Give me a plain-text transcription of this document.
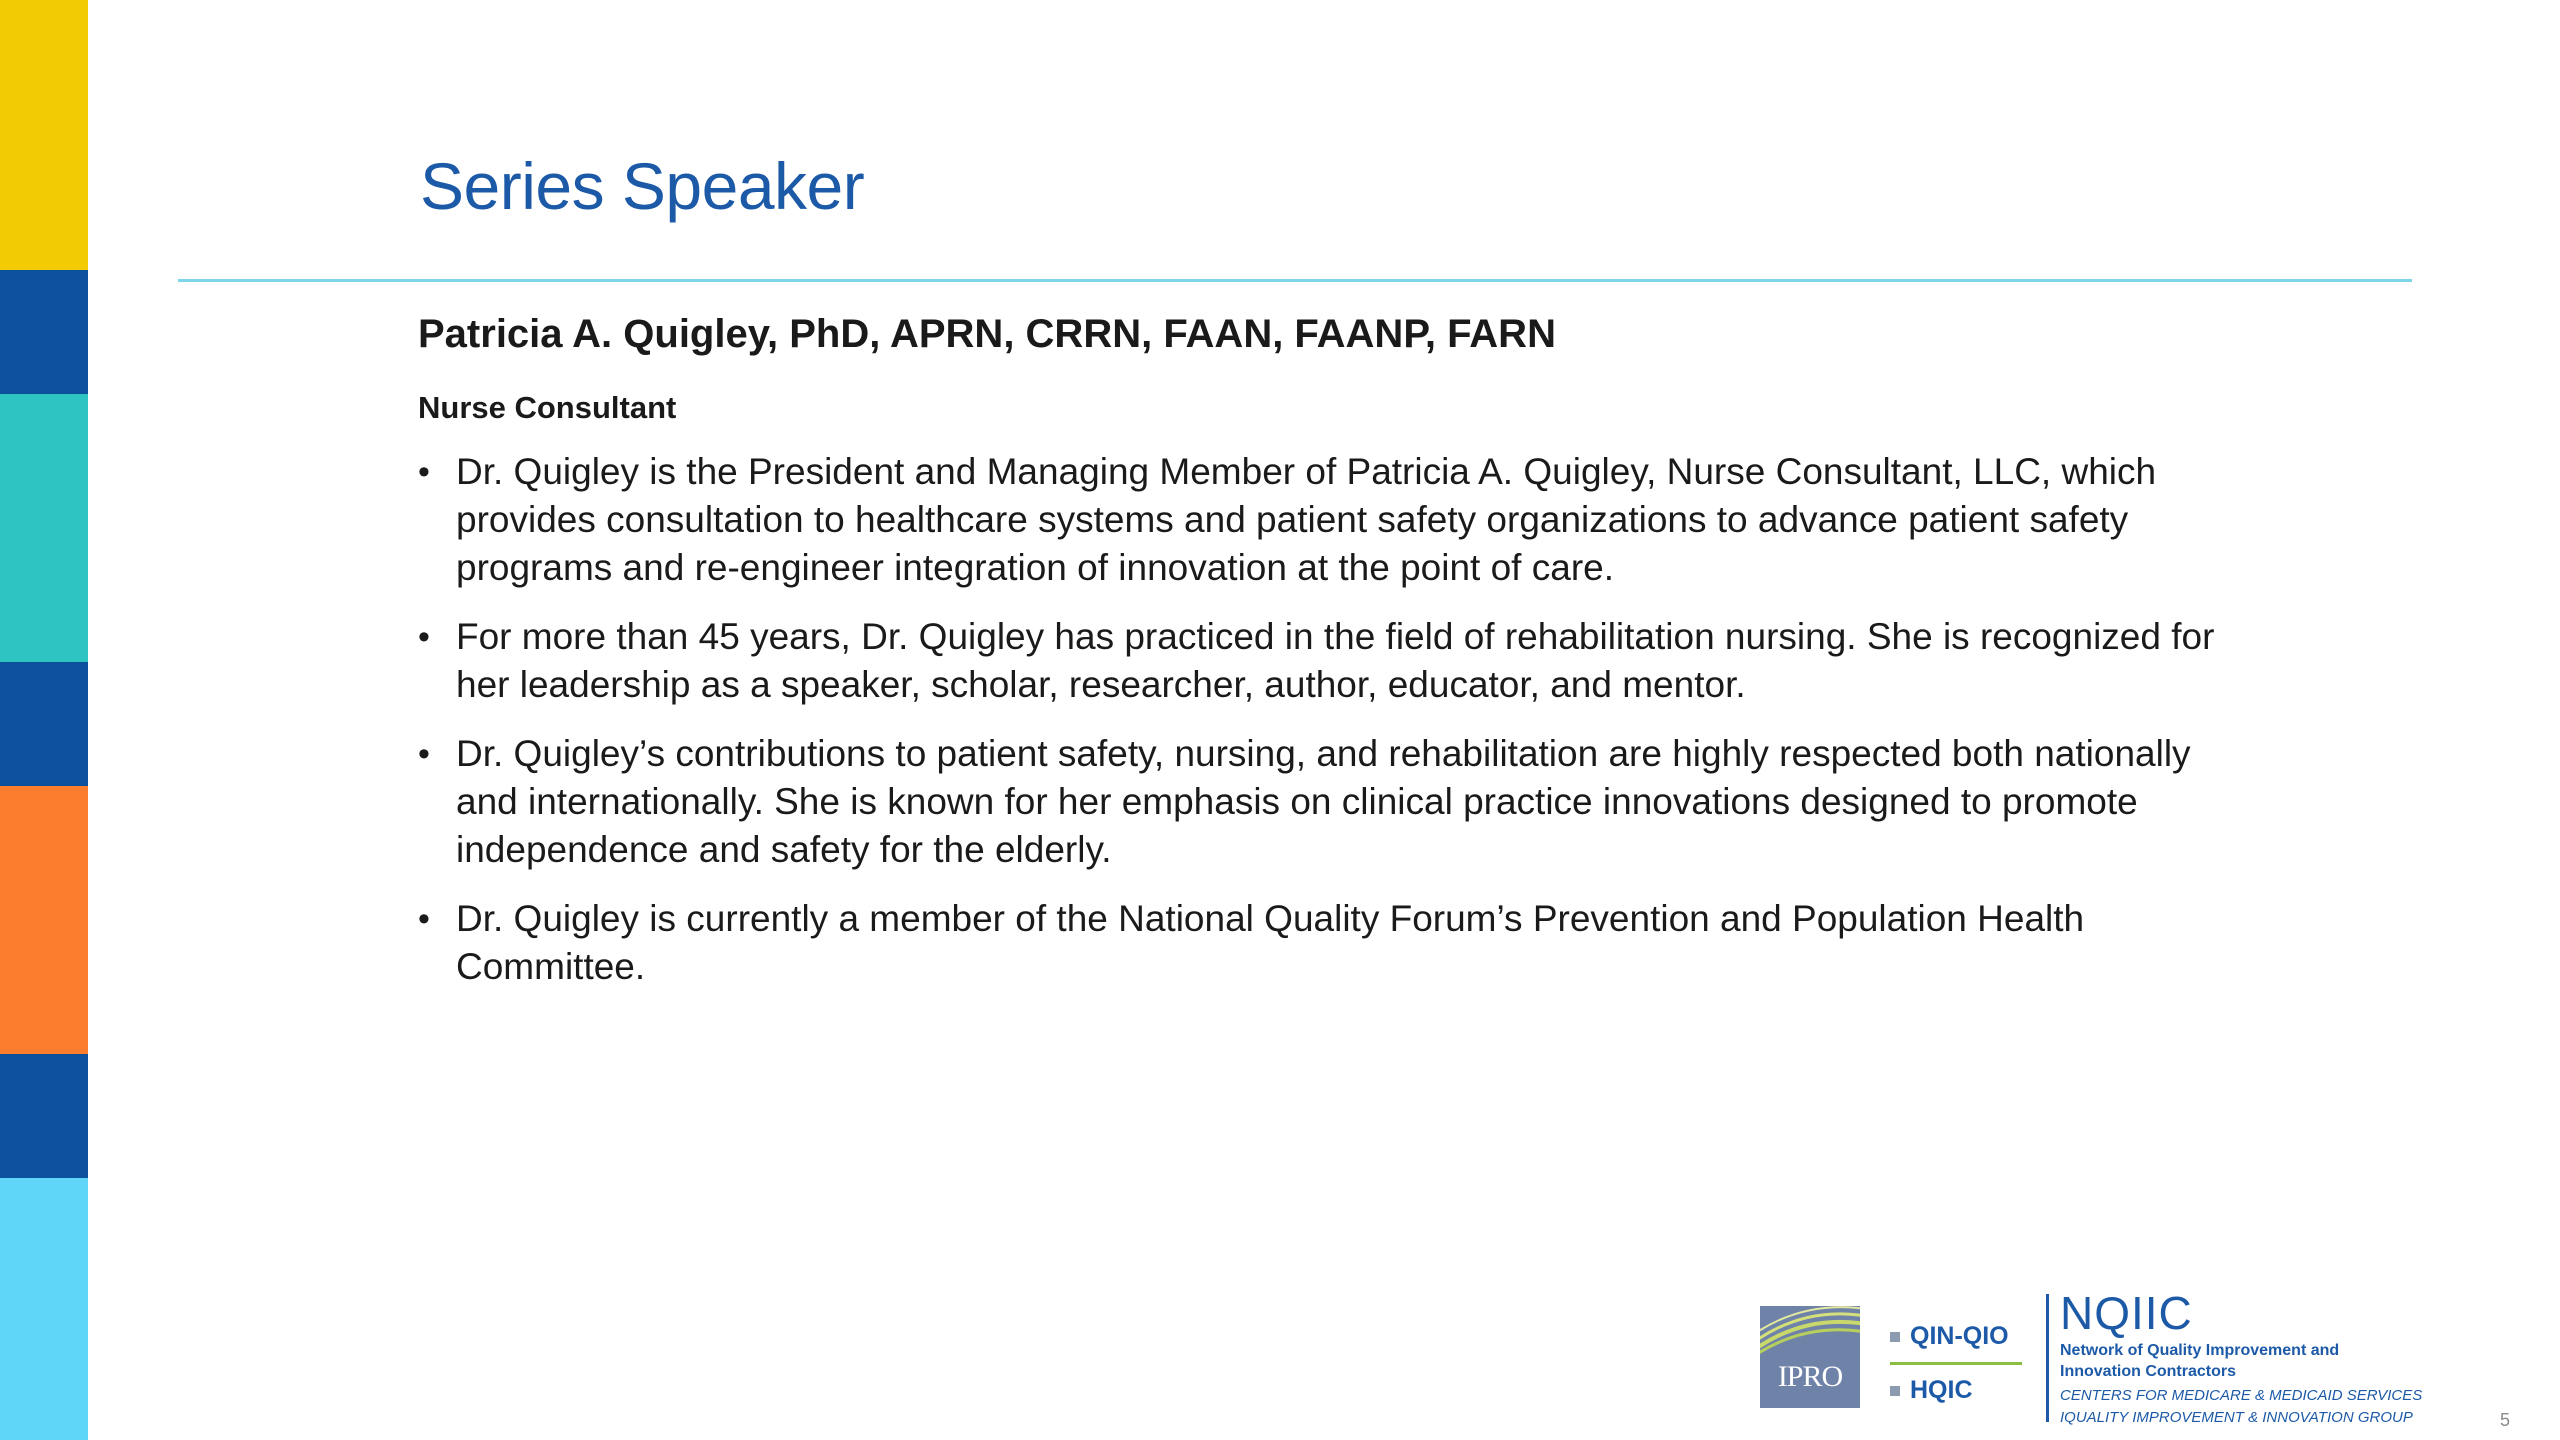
Series Speaker
Patricia A. Quigley, PhD, APRN, CRRN, FAAN, FAANP, FARN
Nurse Consultant
• Dr. Quigley is the President and Managing Member of Patricia A. Quigley, Nurse Consultant, LLC, which provides consultation to healthcare systems and patient safety organizations to advance patient safety programs and re-engineer integration of innovation at the point of care.
• For more than 45 years, Dr. Quigley has practiced in the field of rehabilitation nursing. She is recognized for her leadership as a speaker, scholar, researcher, author, educator, and mentor.
• Dr. Quigley’s contributions to patient safety, nursing, and rehabilitation are highly respected both nationally and internationally. She is known for her emphasis on clinical practice innovations designed to promote independence and safety for the elderly.
• Dr. Quigley is currently a member of the National Quality Forum’s Prevention and Population Health Committee.
IPRO
QIN-QIO
HQIC
NQIIC
Network of Quality Improvement and
Innovation Contractors
CENTERS FOR MEDICARE & MEDICAID SERVICES
IQUALITY IMPROVEMENT & INNOVATION GROUP	5
